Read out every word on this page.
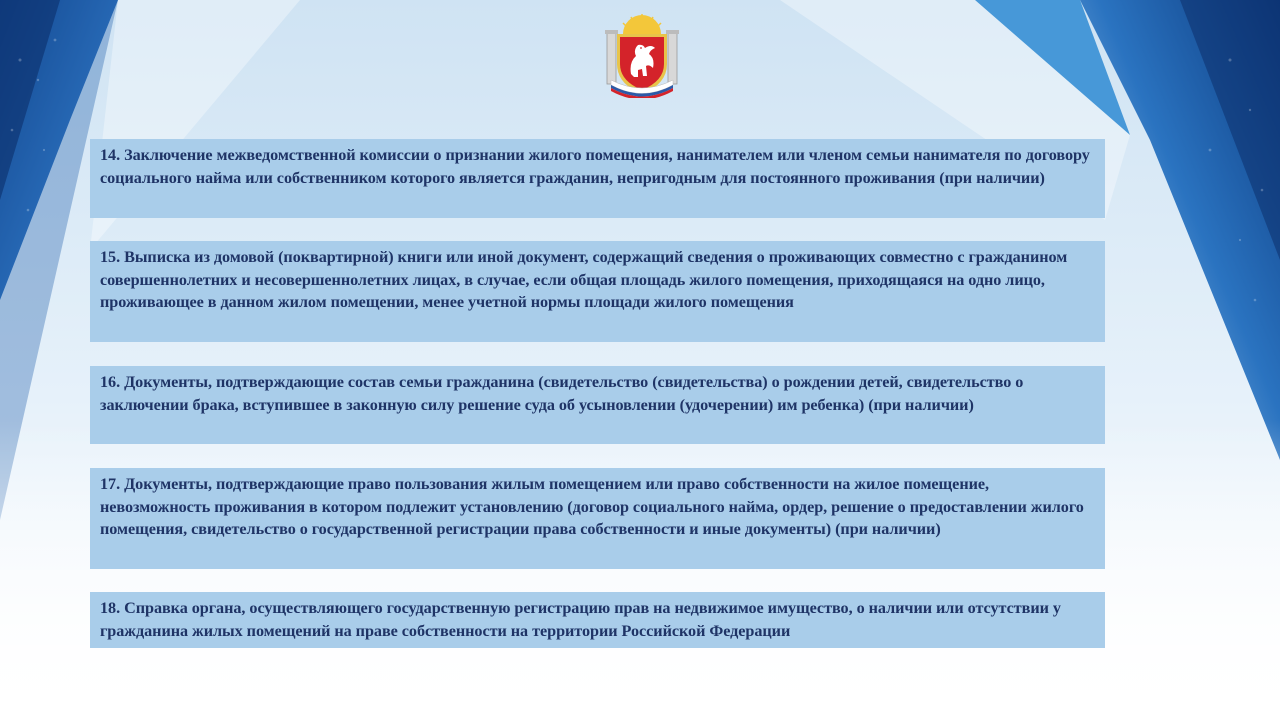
14. Заключение межведомственной комиссии о признании жилого помещения, нанимателем или членом семьи нанимателя по договору социального найма или собственником которого является гражданин, непригодным для постоянного проживания (при наличии)
15. Выписка из домовой (поквартирной) книги или иной документ, содержащий сведения о проживающих совместно с гражданином совершеннолетних и несовершеннолетних лицах, в случае, если общая площадь жилого помещения, приходящаяся на одно лицо, проживающее в данном жилом помещении, менее учетной нормы площади жилого помещения
16. Документы, подтверждающие состав семьи гражданина (свидетельство (свидетельства) о рождении детей, свидетельство о заключении брака, вступившее в законную силу решение суда об усыновлении (удочерении) им ребенка) (при наличии)
17. Документы, подтверждающие право пользования жилым помещением или право собственности на жилое помещение, невозможность проживания в котором подлежит установлению (договор социального найма, ордер, решение о предоставлении жилого помещения, свидетельство о государственной регистрации права собственности и иные документы) (при наличии)
18. Справка органа, осуществляющего государственную регистрацию прав на недвижимое имущество, о наличии или отсутствии у гражданина жилых помещений на праве собственности на территории Российской Федерации
